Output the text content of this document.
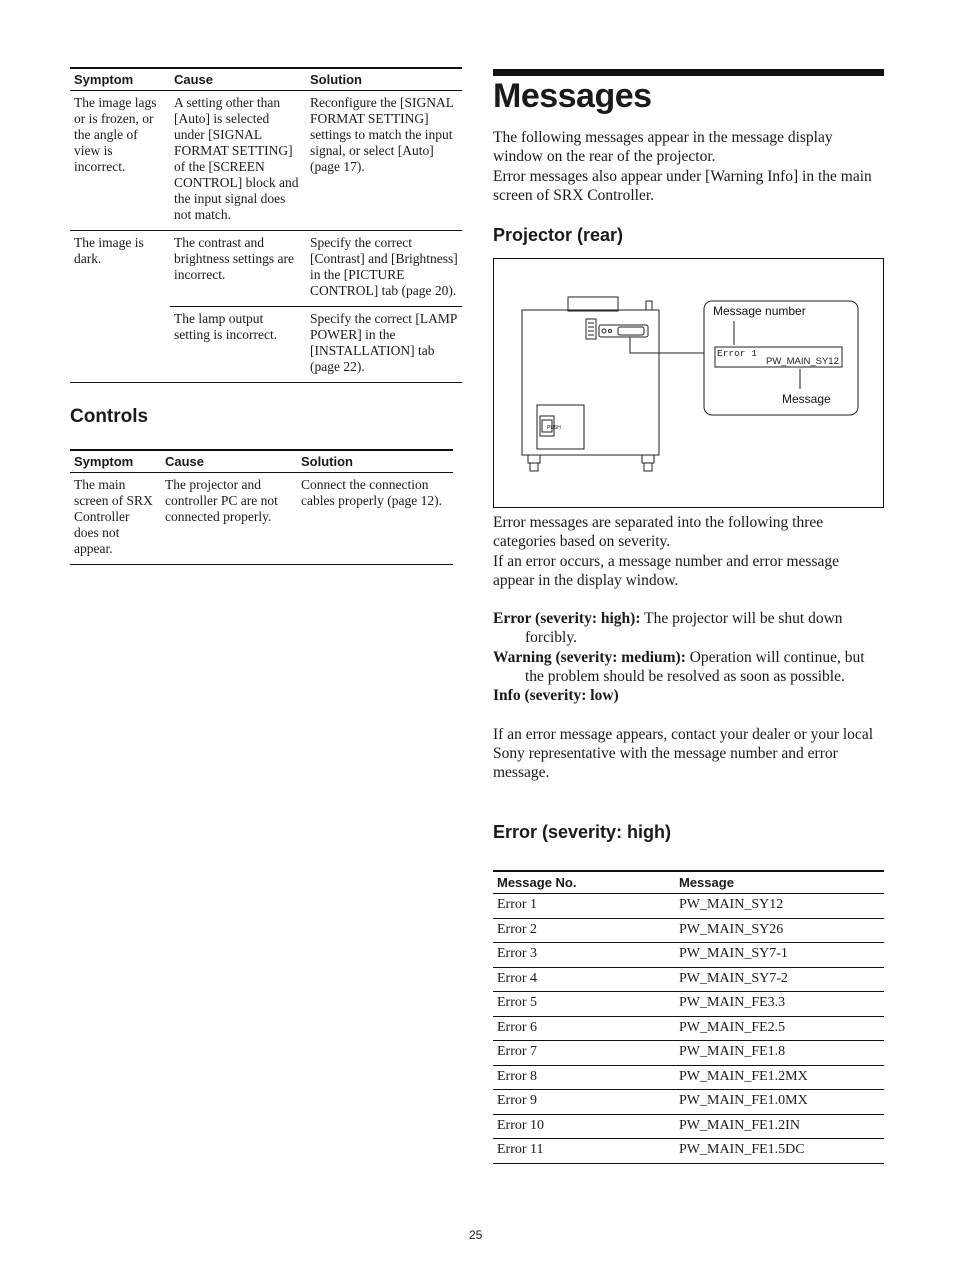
Symptom	Cause	Solution
The image lags or is frozen, or the angle of view is incorrect.	A setting other than [Auto] is selected under [SIGNAL FORMAT SETTING] of the [SCREEN CONTROL] block and the input signal does not match.	Reconfigure the [SIGNAL FORMAT SETTING] settings to match the input signal, or select [Auto] (page 17).
The image is dark.	The contrast and brightness settings are incorrect.	Specify the correct [Contrast] and [Brightness] in the [PICTURE CONTROL] tab (page 20).
	The lamp output setting is incorrect.	Specify the correct [LAMP POWER] in the [INSTALLATION] tab (page 22).
Controls
Symptom	Cause	Solution
The main screen of SRX Controller does not appear.	The projector and controller PC are not connected properly.	Connect the connection cables properly (page 12).
Messages
The following messages appear in the message display window on the rear of the projector.
Error messages also appear under [Warning Info] in the main screen of SRX Controller.
Projector (rear)
PUSH
Message number
Error 1
PW_MAIN_SY12
Message
Error messages are separated into the following three categories based on severity.
If an error occurs, a message number and error message appear in the display window.
Error (severity: high): The projector will be shut down forcibly.
Warning (severity: medium): Operation will continue, but the problem should be resolved as soon as possible.
Info (severity: low)
If an error message appears, contact your dealer or your local Sony representative with the message number and error message.
Error (severity: high)
Message No.	Message
Error 1	PW_MAIN_SY12
Error 2	PW_MAIN_SY26
Error 3	PW_MAIN_SY7-1
Error 4	PW_MAIN_SY7-2
Error 5	PW_MAIN_FE3.3
Error 6	PW_MAIN_FE2.5
Error 7	PW_MAIN_FE1.8
Error 8	PW_MAIN_FE1.2MX
Error 9	PW_MAIN_FE1.0MX
Error 10	PW_MAIN_FE1.2IN
Error 11	PW_MAIN_FE1.5DC
25
